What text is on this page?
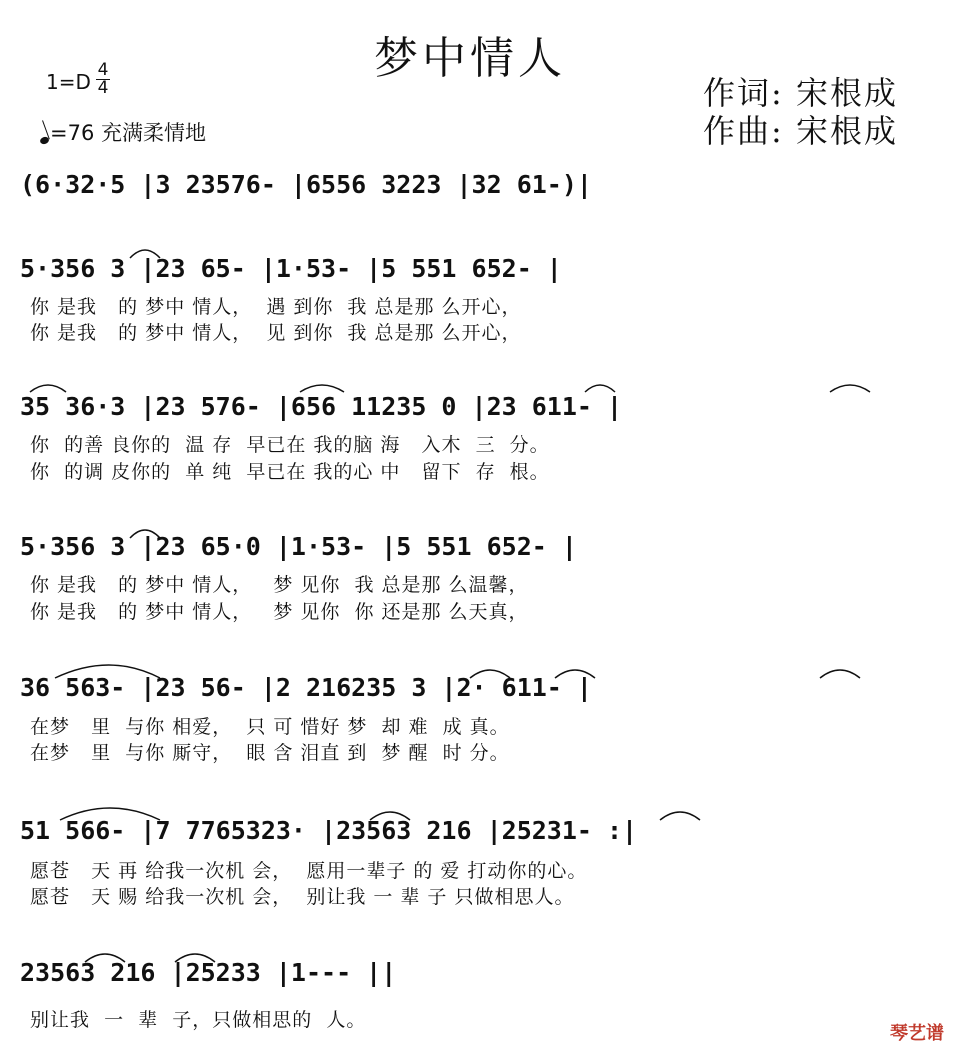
梦中情人
1=D 4
4
=76 充满柔情地
作词: 宋根成
作曲: 宋根成
(6·32·5 |3 23576- |6556 3223 |32 61-)|
5·356 3 |23 65- |1·53- |5 551 652- |
你 是我   的 梦中 情人，  遇 到你  我 总是那 么开心，
你 是我   的 梦中 情人，  见 到你  我 总是那 么开心，
35 36·3 |23 576- |656 11235 0 |23 611- |
你  的善 良你的  温 存  早已在 我的脑 海   入木  三  分。
你  的调 皮你的  单 纯  早已在 我的心 中   留下  存  根。
5·356 3 |23 65·0 |1·53- |5 551 652- |
你 是我   的 梦中 情人，   梦 见你  我 总是那 么温馨，
你 是我   的 梦中 情人，   梦 见你  你 还是那 么天真，
36 563- |23 56- |2 216235 3 |2· 611- |
在梦   里  与你 相爱，  只 可 惜好 梦  却 难  成 真。
在梦   里  与你 厮守，  眼 含 泪直 到  梦 醒  时 分。
51 566- |7 7765323· |23563 216 |25231- :|
愿苍   天 再 给我一次机 会，  愿用一辈子 的 爱 打动你的心。
愿苍   天 赐 给我一次机 会，  别让我 一 辈 子 只做相思人。
23563 216 |25233 |1--- ||
别让我  一  辈  子，只做相思的  人。
琴艺谱
